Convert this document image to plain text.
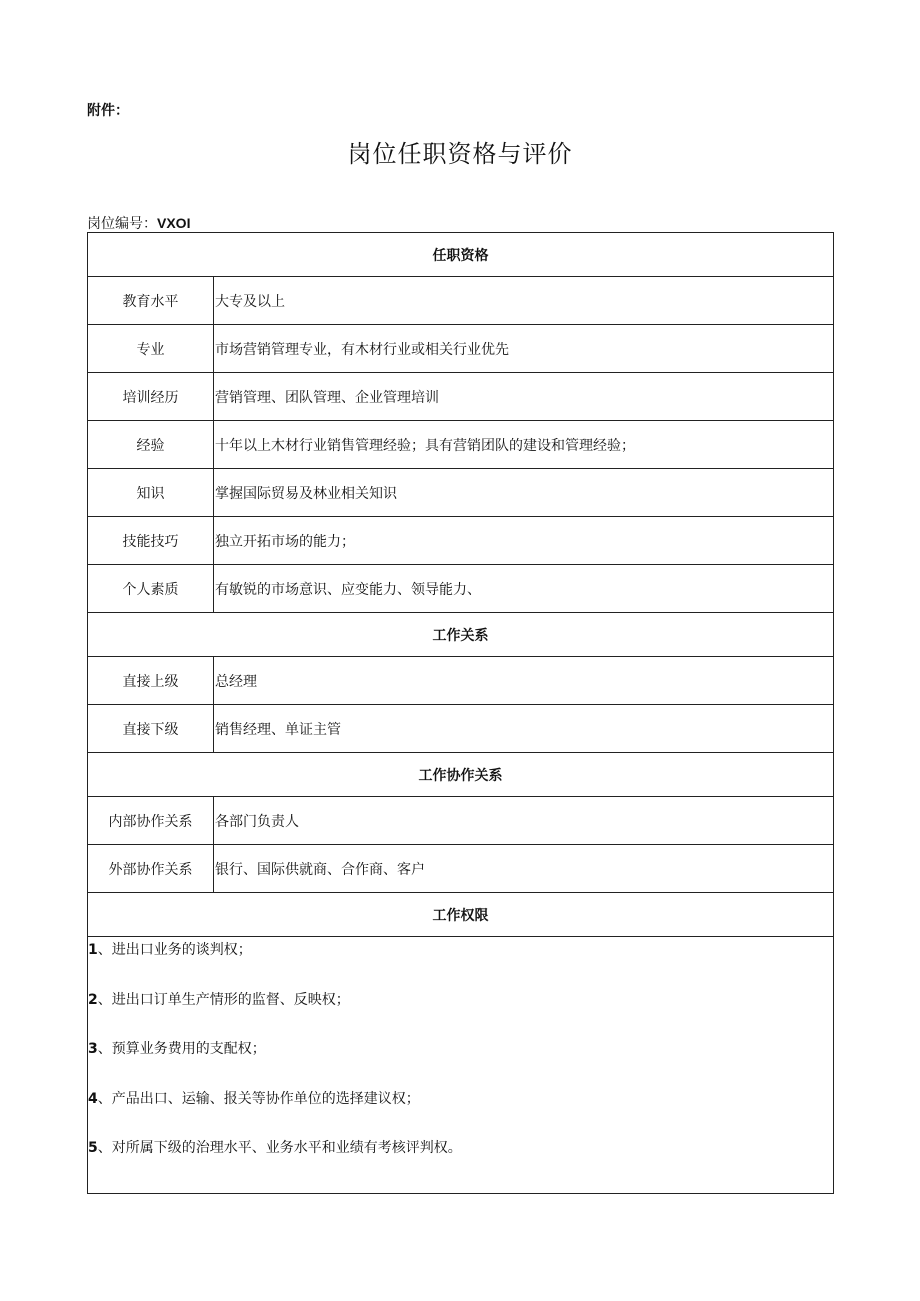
附件：
岗位任职资格与评价
岗位编号：VXOI
任职资格	
教育水平	大专及以上
专业	市场营销管理专业，有木材行业或相关行业优先
培训经历	营销管理、团队管理、企业管理培训
经验	十年以上木材行业销售管理经验；具有营销团队的建设和管理经验；
知识	掌握国际贸易及林业相关知识
技能技巧	独立开拓市场的能力；
个人素质	有敏锐的市场意识、应变能力、领导能力、
工作关系	
直接上级	总经理
直接下级	销售经理、单证主管
工作协作关系	
内部协作关系	各部门负责人
外部协作关系	银行、国际供就商、合作商、客户
工作权限	

1、进出口业务的谈判权；
2、进出口订单生产情形的监督、反映权；
3、预算业务费用的支配权；
4、产品出口、运输、报关等协作单位的选择建议权；
5、对所属下级的治理水平、业务水平和业绩有考核评判权。	
